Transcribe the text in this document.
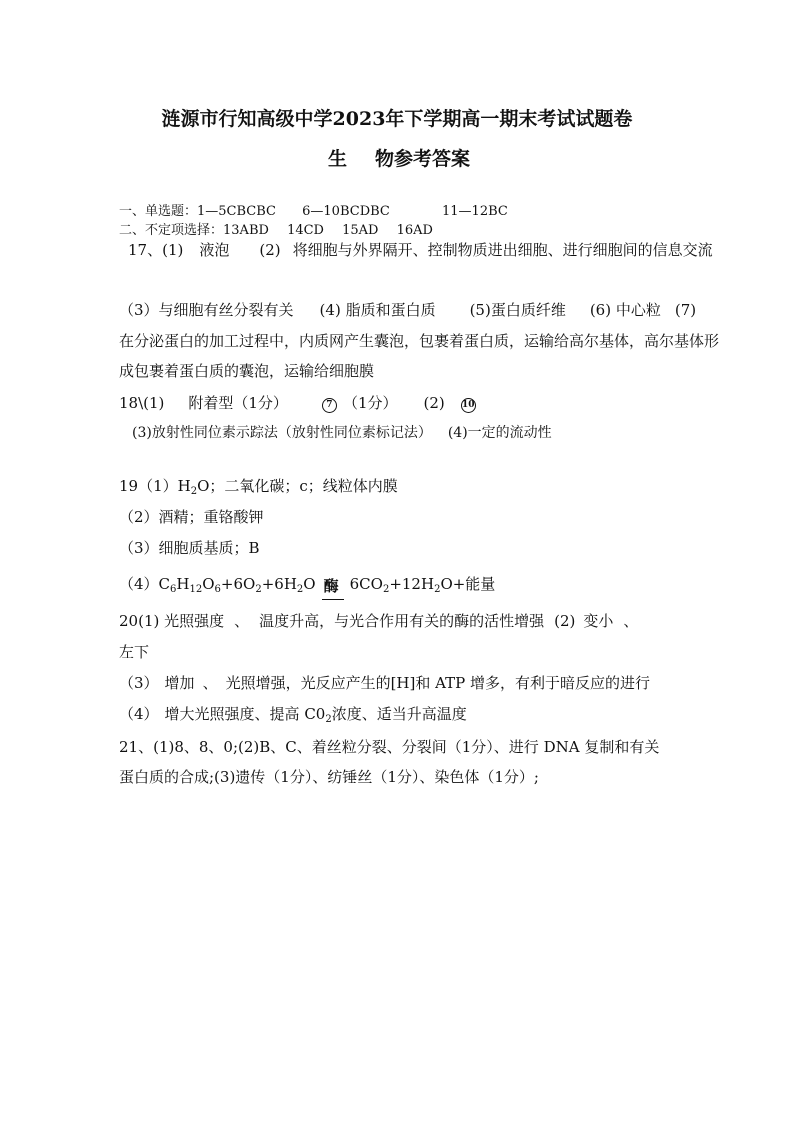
涟源市行知高级中学2023年下学期高一期末考试试题卷
生 物参考答案
一、单选题：1—5CBCBC 6—10BCDBC	11—12BC
二、不定项选择：13ABD 14CD 15AD 16AD
17、(1) 液泡 (2) 将细胞与外界隔开、控制物质进出细胞、进行细胞间的信息交流
（3）与细胞有丝分裂有关 (4) 脂质和蛋白质 (5)蛋白质纤维 (6) 中心粒 (7)
在分泌蛋白的加工过程中，内质网产生囊泡，包裹着蛋白质，运输给高尔基体，高尔基体形
成包裹着蛋白质的囊泡，运输给细胞膜
18\(1) 附着型（1分）	7 （1分） (2) 10
(3)放射性同位素示踪法（放射性同位素标记法） (4)一定的流动性
$19(1)H_2O$；二氧化碳；c；线粒体内膜
（2）酒精；重铬酸钾
（3）细胞质基质；B
$(4)C_6H_{12}O_6+6O_2+6H_2O$ 酶 $6CO_2+12H_2O+$能量
20(1) 光照强度 、 温度升高，与光合作用有关的酶的活性增强 (2) 变小 、
左下
（3） 增加 、 光照增强，光反应产生的[H]和 ATP 增多，有利于暗反应的进行
（4） 增大光照强度、提高 $C0_2$浓度、适当升高温度
21、(1)8、8、0;(2)B、C、着丝粒分裂、分裂间（1分）、进行 DNA 复制和有关
蛋白质的合成;(3)遗传（1分）、纺锤丝（1分）、染色体（1分）;
